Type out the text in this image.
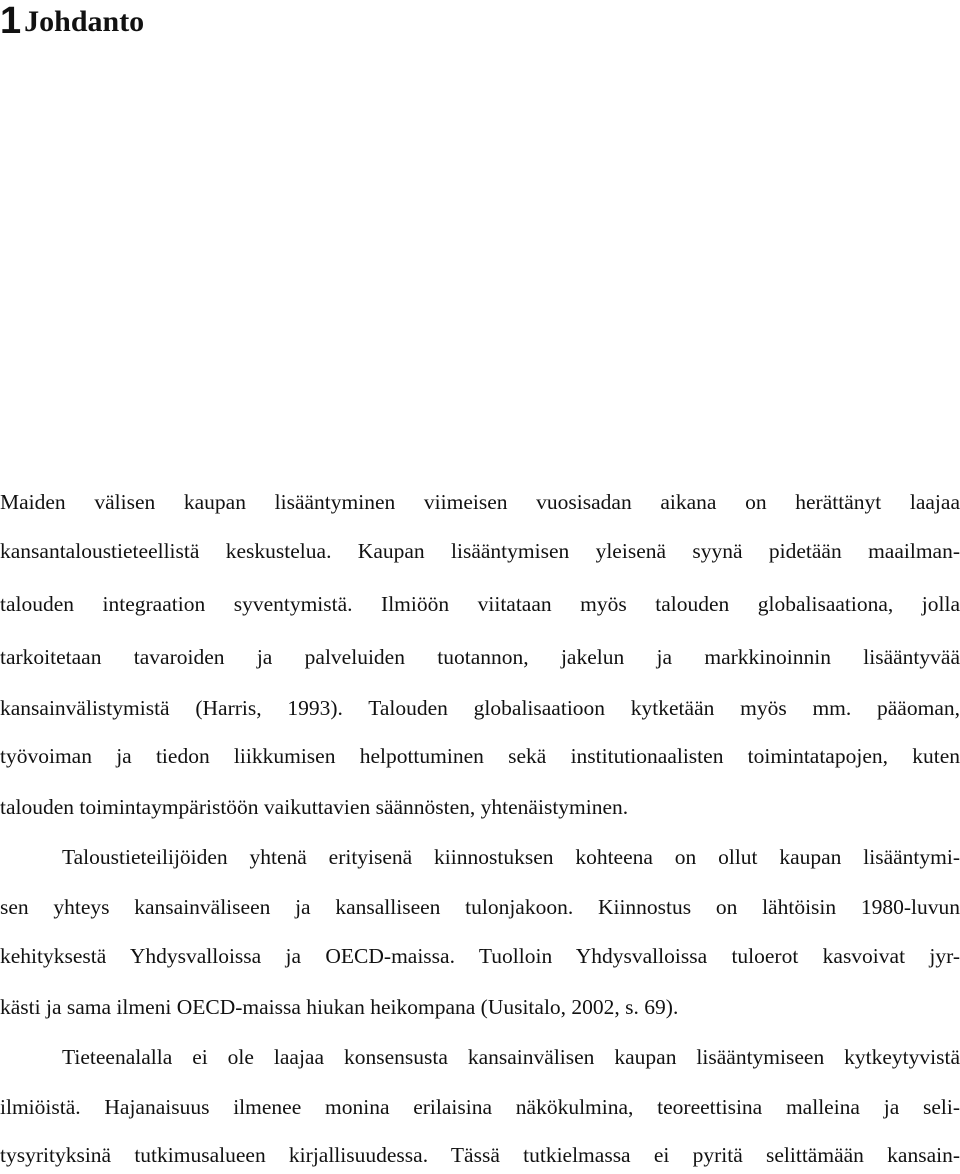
1 Johdanto
Maiden välisen kaupan lisääntyminen viimeisen vuosisadan aikana on herättänyt laajaa
kansantaloustieteellistä keskustelua. Kaupan lisääntymisen yleisenä syynä pidetään maailman-
talouden integraation syventymistä. Ilmiöön viitataan myös talouden globalisaationa, jolla
tarkoitetaan tavaroiden ja palveluiden tuotannon, jakelun ja markkinoinnin lisääntyvää
kansainvälistymistä (Harris, 1993). Talouden globalisaatioon kytketään myös mm. pääoman,
työvoiman ja tiedon liikkumisen helpottuminen sekä institutionaalisten toimintatapojen, kuten
talouden toimintaympäristöön vaikuttavien säännösten, yhtenäistyminen.
Taloustieteilijöiden yhtenä erityisenä kiinnostuksen kohteena on ollut kaupan lisääntymi-
sen yhteys kansainväliseen ja kansalliseen tulonjakoon. Kiinnostus on lähtöisin 1980-luvun
kehityksestä Yhdysvalloissa ja OECD-maissa. Tuolloin Yhdysvalloissa tuloerot kasvoivat jyr-
kästi ja sama ilmeni OECD-maissa hiukan heikompana (Uusitalo, 2002, s. 69).
Tieteenalalla ei ole laajaa konsensusta kansainvälisen kaupan lisääntymiseen kytkeytyvistä
ilmiöistä. Hajanaisuus ilmenee monina erilaisina näkökulmina, teoreettisina malleina ja seli-
tysyrityksinä tutkimusalueen kirjallisuudessa. Tässä tutkielmassa ei pyritä selittämään kansain-
